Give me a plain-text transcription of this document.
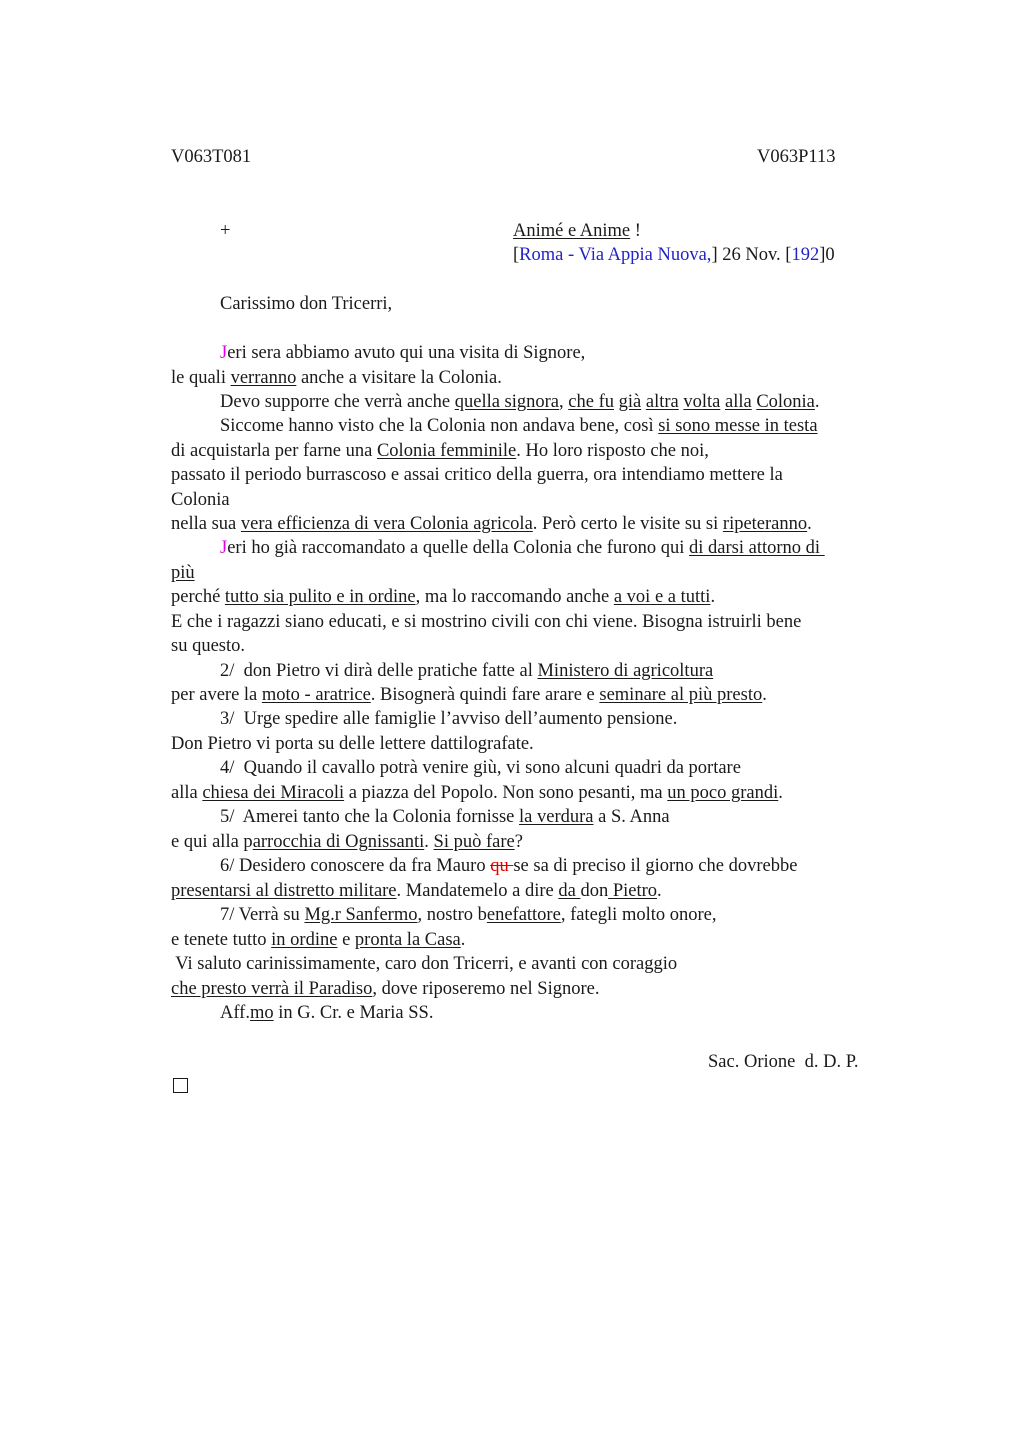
V063T081	V063P113
+	Animé e Anime !
[Roma - Via Appia Nuova,] 26 Nov. [192]0
Carissimo don Tricerri,
Jeri sera abbiamo avuto qui una visita di Signore,
le quali verranno anche a visitare la Colonia.
Devo supporre che verrà anche quella signora, che fu già altra volta alla Colonia.
Siccome hanno visto che la Colonia non andava bene, così si sono messe in testa
di acquistarla per farne una Colonia femminile. Ho loro risposto che noi,
passato il periodo burrascoso e assai critico della guerra, ora intendiamo mettere la
Colonia
nella sua vera efficienza di vera Colonia agricola. Però certo le visite su si ripeteranno.
Jeri ho già raccomandato a quelle della Colonia che furono qui di darsi attorno di
più
perché tutto sia pulito e in ordine, ma lo raccomando anche a voi e a tutti.
E che i ragazzi siano educati, e si mostrino civili con chi viene. Bisogna istruirli bene
su questo.
2/  don Pietro vi dirà delle pratiche fatte al Ministero di agricoltura
per avere la moto - aratrice. Bisognerà quindi fare arare e seminare al più presto.
3/  Urge spedire alle famiglie l’avviso dell’aumento pensione.
Don Pietro vi porta su delle lettere dattilografate.
4/  Quando il cavallo potrà venire giù, vi sono alcuni quadri da portare
alla chiesa dei Miracoli a piazza del Popolo. Non sono pesanti, ma un poco grandi.
5/  Amerei tanto che la Colonia fornisse la verdura a S. Anna
e qui alla parrocchia di Ognissanti. Si può fare?
6/ Desidero conoscere da fra Mauro qu se sa di preciso il giorno che dovrebbe
presentarsi al distretto militare. Mandatemelo a dire da don Pietro.
7/ Verrà su Mg.r Sanfermo, nostro benefattore, fategli molto onore,
e tenete tutto in ordine e pronta la Casa.
Vi saluto carinissimamente, caro don Tricerri, e avanti con coraggio
che presto verrà il Paradiso, dove riposeremo nel Signore.
Aff.mo in G. Cr. e Maria SS.
Sac. Orione  d. D. P.
